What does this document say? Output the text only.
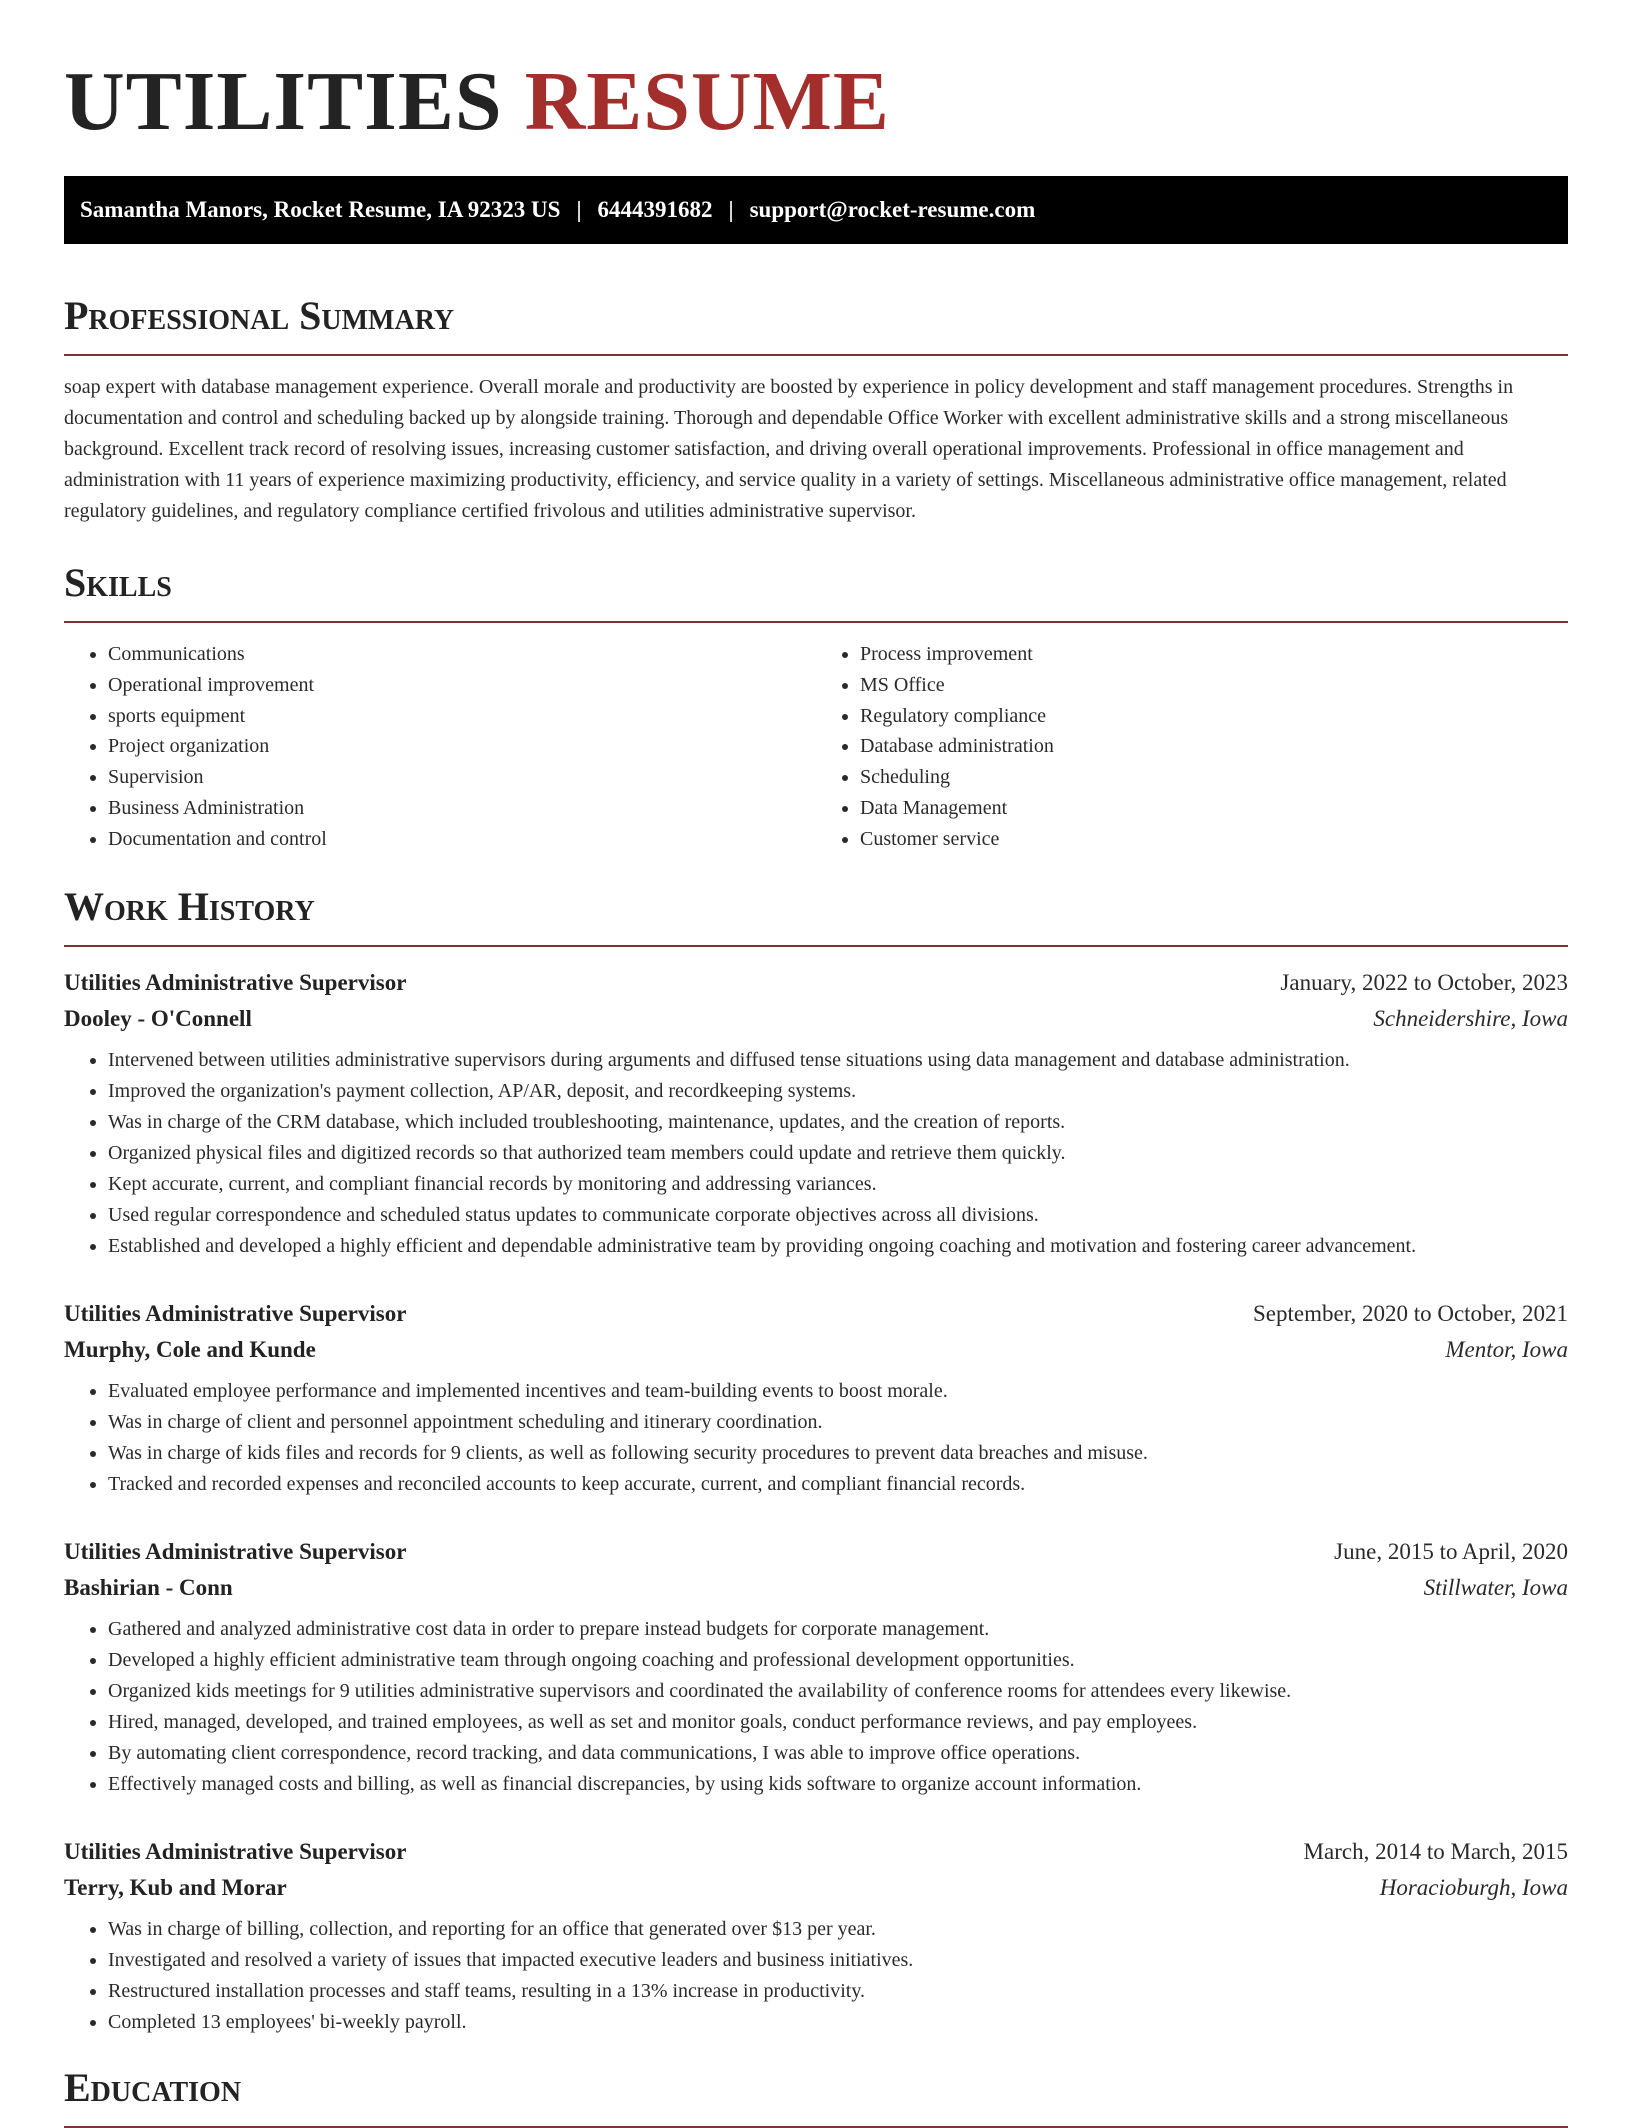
UTILITIES RESUME
Samantha Manors, Rocket Resume, IA 92323 US | 6444391682 | support@rocket-resume.com
Professional Summary

soap expert with database management experience. Overall morale and productivity are boosted by experience in policy development and staff management procedures. Strengths in documentation and control and scheduling backed up by alongside training. Thorough and dependable Office Worker with excellent administrative skills and a strong miscellaneous background. Excellent track record of resolving issues, increasing customer satisfaction, and driving overall operational improvements. Professional in office management and administration with 11 years of experience maximizing productivity, efficiency, and service quality in a variety of settings. Miscellaneous administrative office management, related regulatory guidelines, and regulatory compliance certified frivolous and utilities administrative supervisor.

Skills
• Communications
• Operational improvement
• sports equipment
• Project organization
• Supervision
• Business Administration
• Documentation and control
• Process improvement
• MS Office
• Regulatory compliance
• Database administration
• Scheduling
• Data Management
• Customer service
Work History
Utilities Administrative Supervisor	January, 2022 to October, 2023
Dooley - O'Connell	Schneidershire, Iowa
• Intervened between utilities administrative supervisors during arguments and diffused tense situations using data management and database administration.
• Improved the organization's payment collection, AP/AR, deposit, and recordkeeping systems.
• Was in charge of the CRM database, which included troubleshooting, maintenance, updates, and the creation of reports.
• Organized physical files and digitized records so that authorized team members could update and retrieve them quickly.
• Kept accurate, current, and compliant financial records by monitoring and addressing variances.
• Used regular correspondence and scheduled status updates to communicate corporate objectives across all divisions.
• Established and developed a highly efficient and dependable administrative team by providing ongoing coaching and motivation and fostering career advancement.
Utilities Administrative Supervisor	September, 2020 to October, 2021
Murphy, Cole and Kunde	Mentor, Iowa
• Evaluated employee performance and implemented incentives and team-building events to boost morale.
• Was in charge of client and personnel appointment scheduling and itinerary coordination.
• Was in charge of kids files and records for 9 clients, as well as following security procedures to prevent data breaches and misuse.
• Tracked and recorded expenses and reconciled accounts to keep accurate, current, and compliant financial records.
Utilities Administrative Supervisor	June, 2015 to April, 2020
Bashirian - Conn	Stillwater, Iowa
• Gathered and analyzed administrative cost data in order to prepare instead budgets for corporate management.
• Developed a highly efficient administrative team through ongoing coaching and professional development opportunities.
• Organized kids meetings for 9 utilities administrative supervisors and coordinated the availability of conference rooms for attendees every likewise.
• Hired, managed, developed, and trained employees, as well as set and monitor goals, conduct performance reviews, and pay employees.
• By automating client correspondence, record tracking, and data communications, I was able to improve office operations.
• Effectively managed costs and billing, as well as financial discrepancies, by using kids software to organize account information.
Utilities Administrative Supervisor	March, 2014 to March, 2015
Terry, Kub and Morar	Horacioburgh, Iowa
• Was in charge of billing, collection, and reporting for an office that generated over $13 per year.
• Investigated and resolved a variety of issues that impacted executive leaders and business initiatives.
• Restructured installation processes and staff teams, resulting in a 13% increase in productivity.
• Completed 13 employees' bi-weekly payroll.
Education
